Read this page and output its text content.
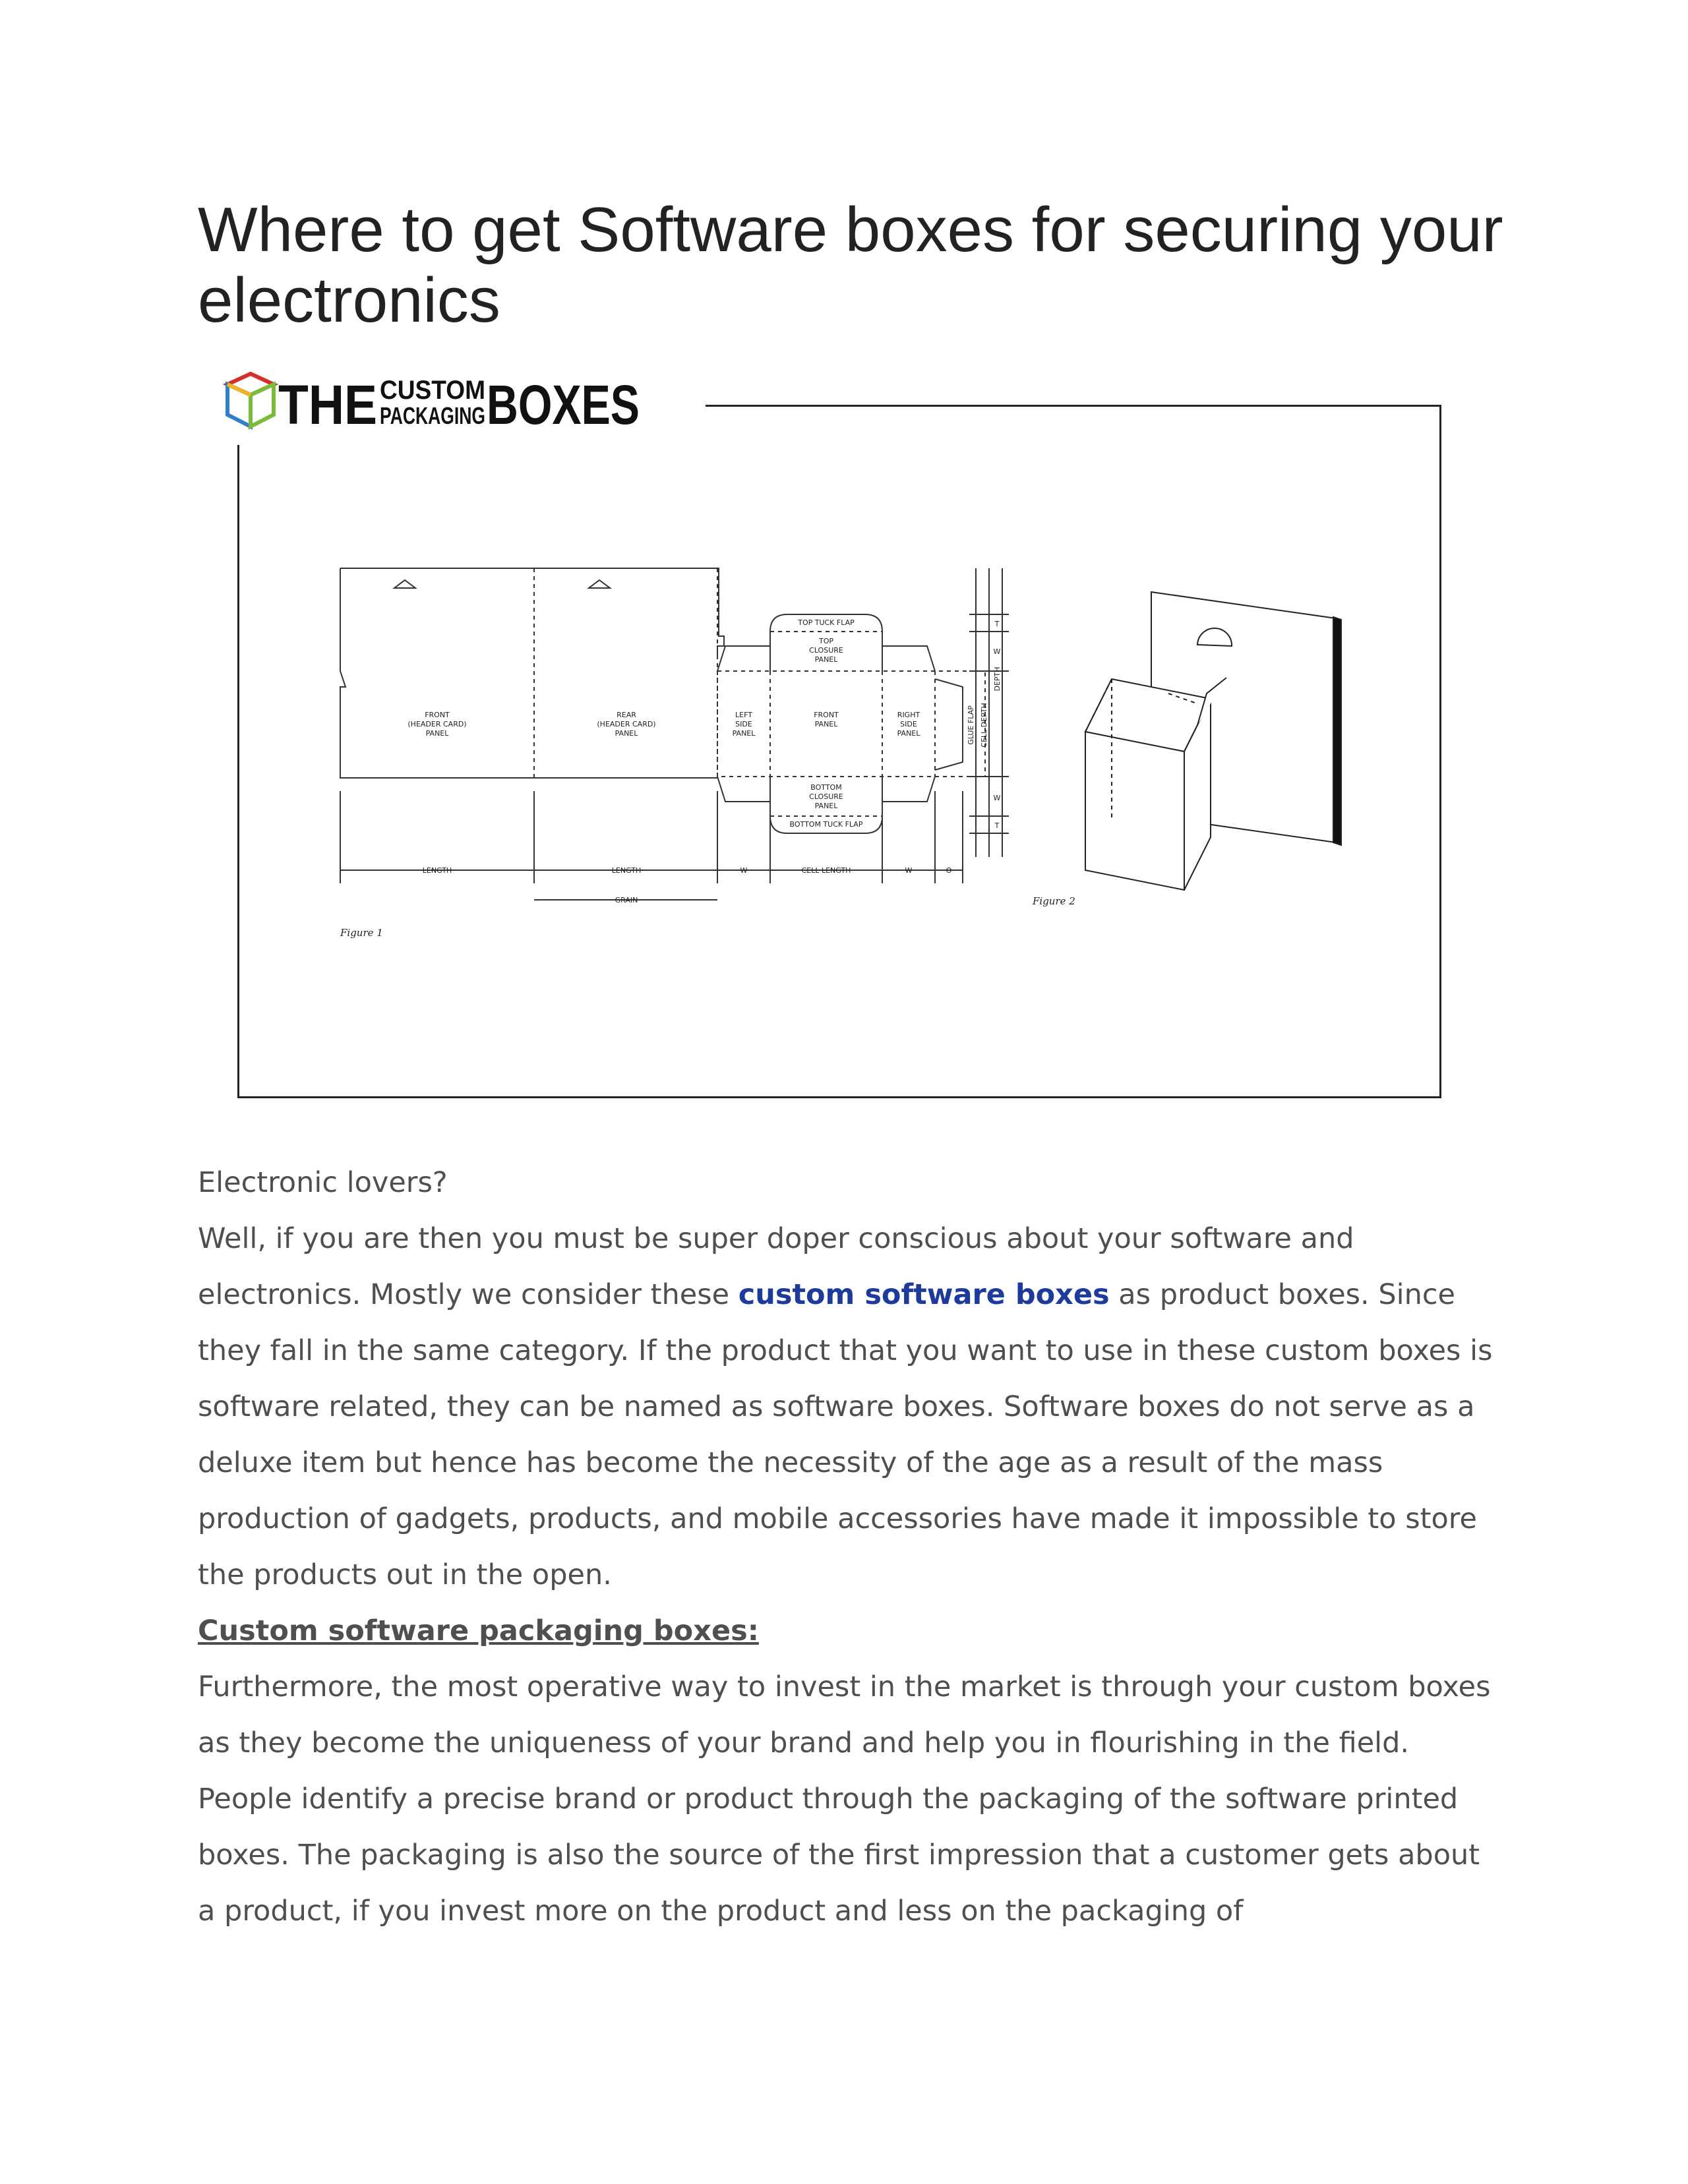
Where to get Software boxes for securing your electronics
THE CUSTOM
PACKAGING BOXES
FRONT
(HEADER CARD)
PANEL
REAR
(HEADER CARD)
PANEL
LEFT
SIDE
PANEL
FRONT
PANEL
RIGHT
SIDE
PANEL
TOP TUCK FLAP
TOP
CLOSURE
PANEL
BOTTOM
CLOSURE
PANEL
BOTTOM TUCK FLAP
LENGTH	LENGTH
GRAIN
W	CELL LENGTH	W	O
T
W
W
T
GLUE FLAP CELL DEPTH
DEPTH
Figure 1
Figure 2

Electronic lovers?

Well, if you are then you must be super doper conscious about your software and electronics. Mostly we consider these custom software boxes as product boxes. Since they fall in the same category. If the product that you want to use in these custom boxes is software related, they can be named as software boxes. Software boxes do not serve as a deluxe item but hence has become the necessity of the age as a result of the mass production of gadgets, products, and mobile accessories have made it impossible to store the products out in the open.

Custom software packaging boxes:

Furthermore, the most operative way to invest in the market is through your custom boxes as they become the uniqueness of your brand and help you in flourishing in the field. People identify a precise brand or product through the packaging of the software printed boxes. The packaging is also the source of the first impression that a customer gets about a product, if you invest more on the product and less on the packaging of
